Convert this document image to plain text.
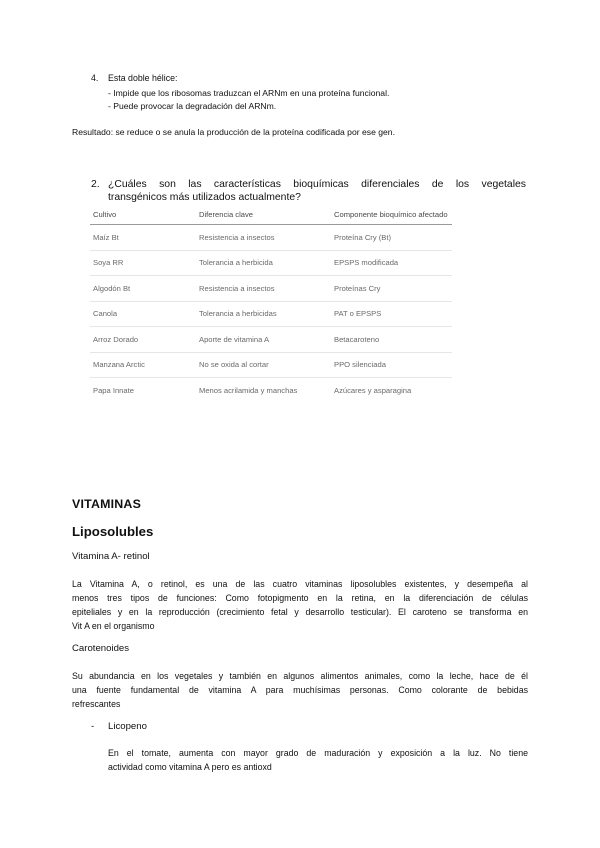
4. Esta doble hélice:
- Impide que los ribosomas traduzcan el ARNm en una proteína funcional.
- Puede provocar la degradación del ARNm.
Resultado: se reduce o se anula la producción de la proteína codificada por ese gen.
2. ¿Cuáles son las características bioquímicas diferenciales de los vegetales
transgénicos más utilizados actualmente?
Cultivo	Diferencia clave	Componente bioquímico afectado
Maíz Bt	Resistencia a insectos	Proteína Cry (Bt)
Soya RR	Tolerancia a herbicida	EPSPS modificada
Algodón Bt	Resistencia a insectos	Proteínas Cry
Canola	Tolerancia a herbicidas	PAT o EPSPS
Arroz Dorado	Aporte de vitamina A	Betacaroteno
Manzana Arctic	No se oxida al cortar	PPO silenciada
Papa Innate	Menos acrilamida y manchas	Azúcares y asparagina
VITAMINAS
Liposolubles
Vitamina A- retinol
La Vitamina A, o retinol, es una de las cuatro vitaminas liposolubles existentes, y desempeña al
menos tres tipos de funciones: Como fotopigmento en la retina, en la diferenciación de células
epiteliales y en la reproducción (crecimiento fetal y desarrollo testicular). El caroteno se transforma en
Vit A en el organismo
Carotenoides
Su abundancia en los vegetales y también en algunos alimentos animales, como la leche, hace de él
una fuente fundamental de vitamina A para muchísimas personas. Como colorante de bebidas
refrescantes
- Licopeno
En el tomate, aumenta con mayor grado de maduración y exposición a la luz. No tiene
actividad como vitamina A pero es antioxd
